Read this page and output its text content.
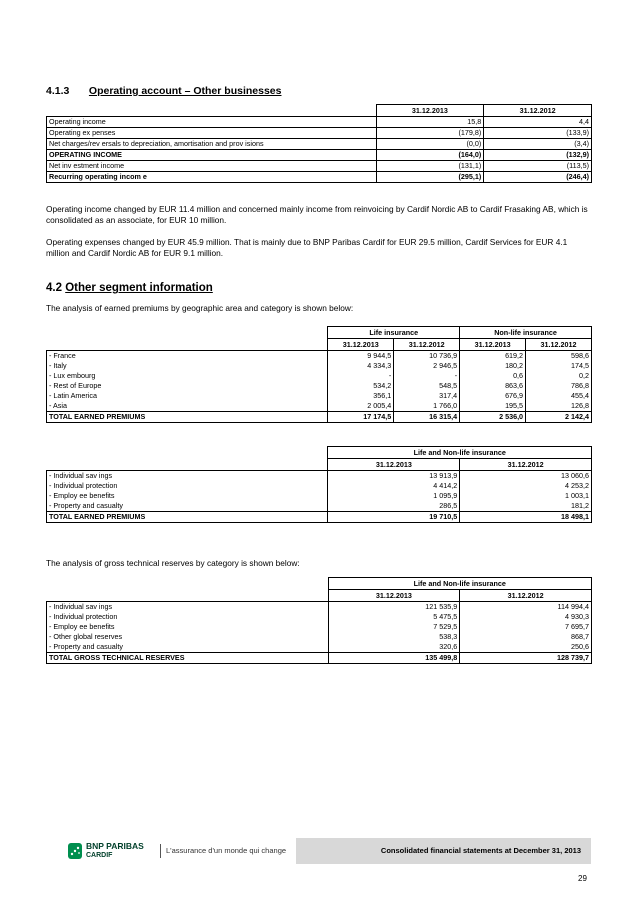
4.1.3 Operating account – Other businesses
	31.12.2013	31.12.2012
Operating income	15,8	4,4
Operating ex penses	(179,8)	(133,9)
Net charges/rev ersals to depreciation, amortisation and prov isions	(0,0)	(3,4)
OPERATING INCOME	(164,0)	(132,9)
Net inv estment income	(131,1)	(113,5)
Recurring operating incom e	(295,1)	(246,4)
Operating income changed by EUR 11.4 million and concerned mainly income from reinvoicing by Cardif Nordic AB to Cardif Frasaking AB, which is consolidated as an associate, for EUR 10 million.
Operating expenses changed by EUR 45.9 million. That is mainly due to BNP Paribas Cardif for EUR 29.5 million, Cardif Services for EUR 4.1 million and Cardif Nordic AB for EUR 9.1 million.
4.2 Other segment information
The analysis of earned premiums by geographic area and category is shown below:
	Life insurance		Non-life insurance	
	31.12.2013	31.12.2012	31.12.2013	31.12.2012
- France	9 944,5	10 736,9	619,2	598,6
- Italy	4 334,3	2 946,5	180,2	174,5
- Lux embourg	-	-	0,6	0,2
- Rest of Europe	534,2	548,5	863,6	786,8
- Latin America	356,1	317,4	676,9	455,4
- Asia	2 005,4	1 766,0	195,5	126,8
TOTAL EARNED PREMIUMS	17 174,5	16 315,4	2 536,0	2 142,4
	Life and Non-life insurance	
	31.12.2013	31.12.2012
- Individual sav ings	13 913,9	13 060,6
- Individual protection	4 414,2	4 253,2
- Employ ee benefits	1 095,9	1 003,1
- Property and casualty	286,5	181,2
TOTAL EARNED PREMIUMS	19 710,5	18 498,1
The analysis of gross technical reserves by category is shown below:
	Life and Non-life insurance	
	31.12.2013	31.12.2012
- Individual sav ings	121 535,9	114 994,4
- Individual protection	5 475,5	4 930,3
- Employ ee benefits	7 529,5	7 695,7
- Other global reserves	538,3	868,7
- Property and casualty	320,6	250,6
TOTAL GROSS TECHNICAL RESERVES	135 499,8	128 739,7
BNP PARIBAS
CARDIF
L'assurance d'un monde qui change	Consolidated financial statements at December 31, 2013
29
